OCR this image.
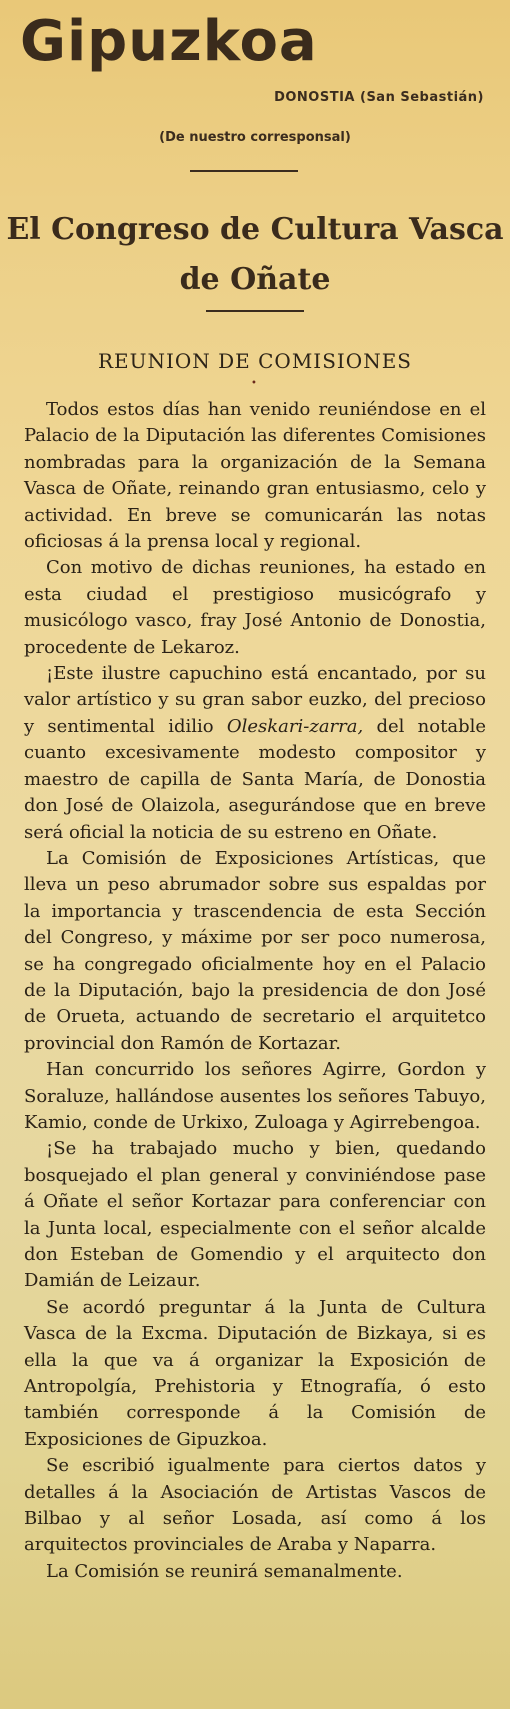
Gipuzkoa
DONOSTIA (San Sebastián)
(De nuestro corresponsal)
El Congreso de Cultura Vasca
de Oñate
REUNION DE COMISIONES
•

Todos estos días han venido reuniéndose en el Palacio de la Diputación las diferentes Comisiones nombradas para la organización de la Semana Vasca de Oñate, reinando gran entusiasmo, celo y actividad. En breve se comunicarán las notas oficiosas á la prensa local y regional.

Con motivo de dichas reuniones, ha estado en esta ciudad el prestigioso musicógrafo y musicólogo vasco, fray José Antonio de Donostia, procedente de Lekaroz.

¡Este ilustre capuchino está encantado, por su valor artístico y su gran sabor euzko, del precioso y sentimental idilio Oleskari-zarra, del notable cuanto excesivamente modesto compositor y maestro de capilla de Santa María, de Donostia don José de Olaizola, asegurándose que en breve será oficial la noticia de su estreno en Oñate.

La Comisión de Exposiciones Artísticas, que lleva un peso abrumador sobre sus espaldas por la importancia y trascendencia de esta Sección del Congreso, y máxime por ser poco numerosa, se ha congregado oficialmente hoy en el Palacio de la Diputación, bajo la presidencia de don José de Orueta, actuando de secretario el arquitetco provincial don Ramón de Kortazar.

Han concurrido los señores Agirre, Gordon y Soraluze, hallándose ausentes los señores Tabuyo, Kamio, conde de Urkixo, Zuloaga y Agirrebengoa.

¡Se ha trabajado mucho y bien, quedando bosquejado el plan general y conviniéndose pase á Oñate el señor Kortazar para conferenciar con la Junta local, especialmente con el señor alcalde don Esteban de Gomendio y el arquitecto don Damián de Leizaur.

Se acordó preguntar á la Junta de Cultura Vasca de la Excma. Diputación de Bizkaya, si es ella la que va á organizar la Exposición de Antropolgía, Prehistoria y Etnografía, ó esto también corresponde á la Comisión de Exposiciones de Gipuzkoa.

Se escribió igualmente para ciertos datos y detalles á la Asociación de Artistas Vascos de Bilbao y al señor Losada, así como á los arquitectos provinciales de Araba y Naparra.

La Comisión se reunirá semanalmente.
